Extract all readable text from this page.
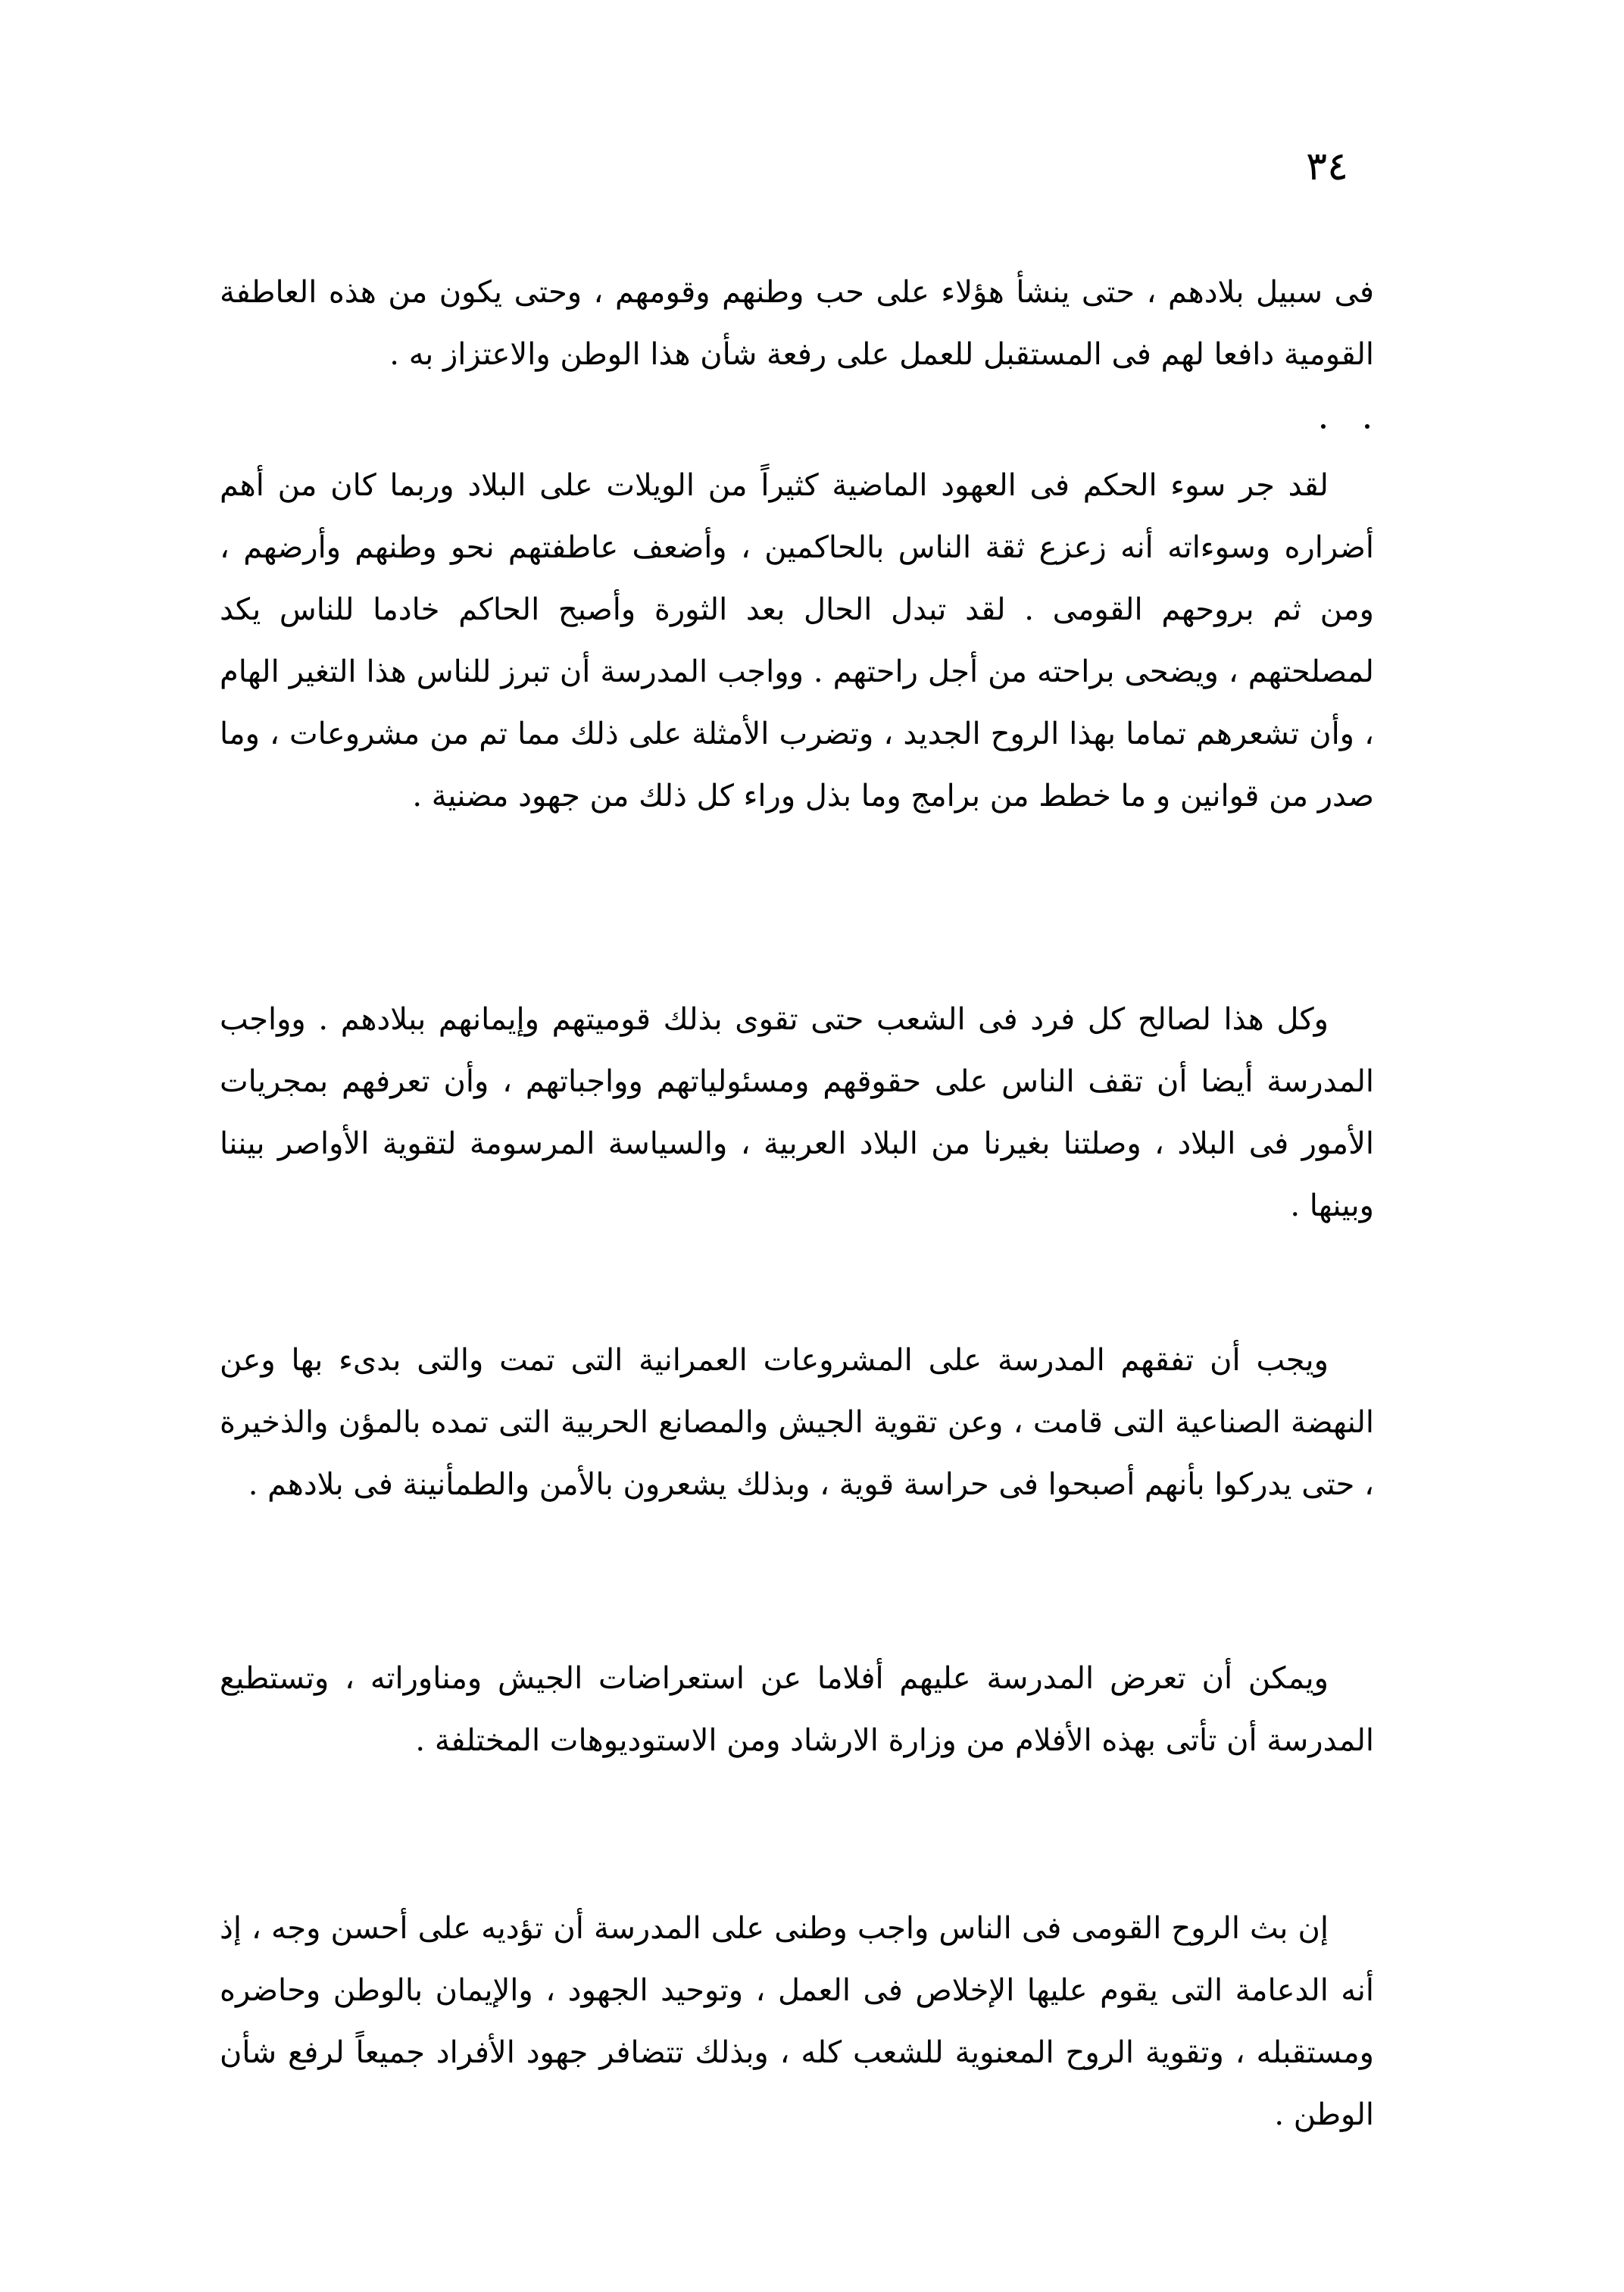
٣٤

فى سبيل بلادهم ، حتى ينشأ هؤلاء على حب وطنهم وقومهم ، وحتى يكون من هذه العاطفة القومية دافعا لهم فى المستقبل للعمل على رفعة شأن هذا الوطن والاعتزاز به .

لقد جر سوء الحكم فى العهود الماضية كثيراً من الويلات على البلاد وربما كان من أهم أضراره وسوءاته أنه زعزع ثقة الناس بالحاكمين ، وأضعف عاطفتهم نحو وطنهم وأرضهم ، ومن ثم بروحهم القومى . لقد تبدل الحال بعد الثورة وأصبح الحاكم خادما للناس يكد لمصلحتهم ، ويضحى براحته من أجل راحتهم . وواجب المدرسة أن تبرز للناس هذا التغير الهام ، وأن تشعرهم تماما بهذا الروح الجديد ، وتضرب الأمثلة على ذلك مما تم من مشروعات ، وما صدر من قوانين و ما خطط من برامج وما بذل وراء كل ذلك من جهود مضنية .

وكل هذا لصالح كل فرد فى الشعب حتى تقوى بذلك قوميتهم وإيمانهم ببلادهم . وواجب المدرسة أيضا أن تقف الناس على حقوقهم ومسئولياتهم وواجباتهم ، وأن تعرفهم بمجريات الأمور فى البلاد ، وصلتنا بغيرنا من البلاد العربية ، والسياسة المرسومة لتقوية الأواصر بيننا وبينها .

ويجب أن تفقهم المدرسة على المشروعات العمرانية التى تمت والتى بدىء بها وعن النهضة الصناعية التى قامت ، وعن تقوية الجيش والمصانع الحربية التى تمده بالمؤن والذخيرة ، حتى يدركوا بأنهم أصبحوا فى حراسة قوية ، وبذلك يشعرون بالأمن والطمأنينة فى بلادهم .

ويمكن أن تعرض المدرسة عليهم أفلاما عن استعراضات الجيش ومناوراته ، وتستطيع المدرسة أن تأتى بهذه الأفلام من وزارة الارشاد ومن الاستوديوهات المختلفة .

إن بث الروح القومى فى الناس واجب وطنى على المدرسة أن تؤديه على أحسن وجه ، إذ أنه الدعامة التى يقوم عليها الإخلاص فى العمل ، وتوحيد الجهود ، والإيمان بالوطن وحاضره ومستقبله ، وتقوية الروح المعنوية للشعب كله ، وبذلك تتضافر جهود الأفراد جميعاً لرفع شأن الوطن .
